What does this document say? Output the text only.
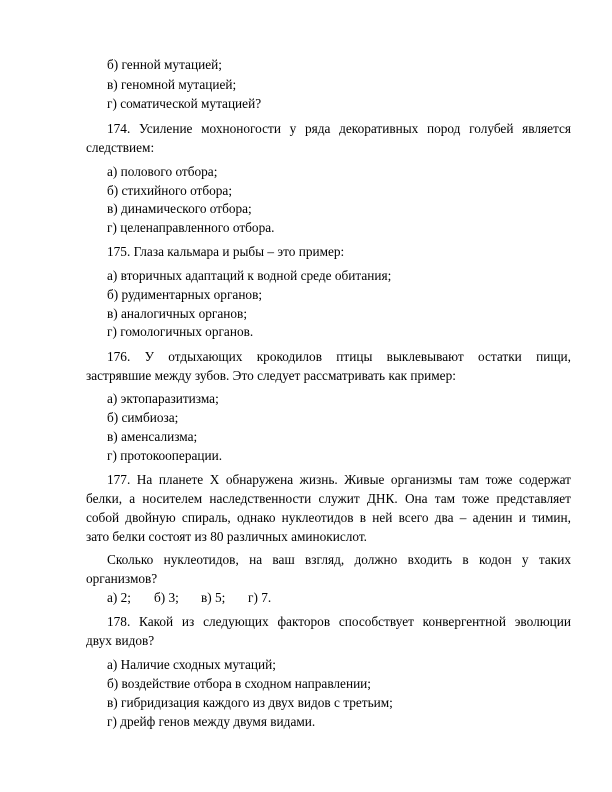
б) генной мутацией;
в) геномной мутацией;
г) соматической мутацией?
174. Усиление мохноногости у ряда декоративных пород голубей является
следствием:
а) полового отбора;
б) стихийного отбора;
в) динамического отбора;
г) целенаправленного отбора.
175. Глаза кальмара и рыбы – это пример:
а) вторичных адаптаций к водной среде обитания;
б) рудиментарных органов;
в) аналогичных органов;
г) гомологичных органов.
176. У отдыхающих крокодилов птицы выклевывают остатки пищи,
застрявшие между зубов. Это следует рассматривать как пример:
а) эктопаразитизма;
б) симбиоза;
в) аменсализма;
г) протокооперации.
177. На планете X обнаружена жизнь. Живые организмы там тоже содержат
белки, а носителем наследственности служит ДНК. Она там тоже представляет
собой двойную спираль, однако нуклеотидов в ней всего два – аденин и тимин,
зато белки состоят из 80 различных аминокислот.
Сколько нуклеотидов, на ваш взгляд, должно входить в кодон у таких
организмов?
а) 2; б) 3; в) 5; г) 7.
178. Какой из следующих факторов способствует конвергентной эволюции
двух видов?
а) Наличие сходных мутаций;
б) воздействие отбора в сходном направлении;
в) гибридизация каждого из двух видов с третьим;
г) дрейф генов между двумя видами.
